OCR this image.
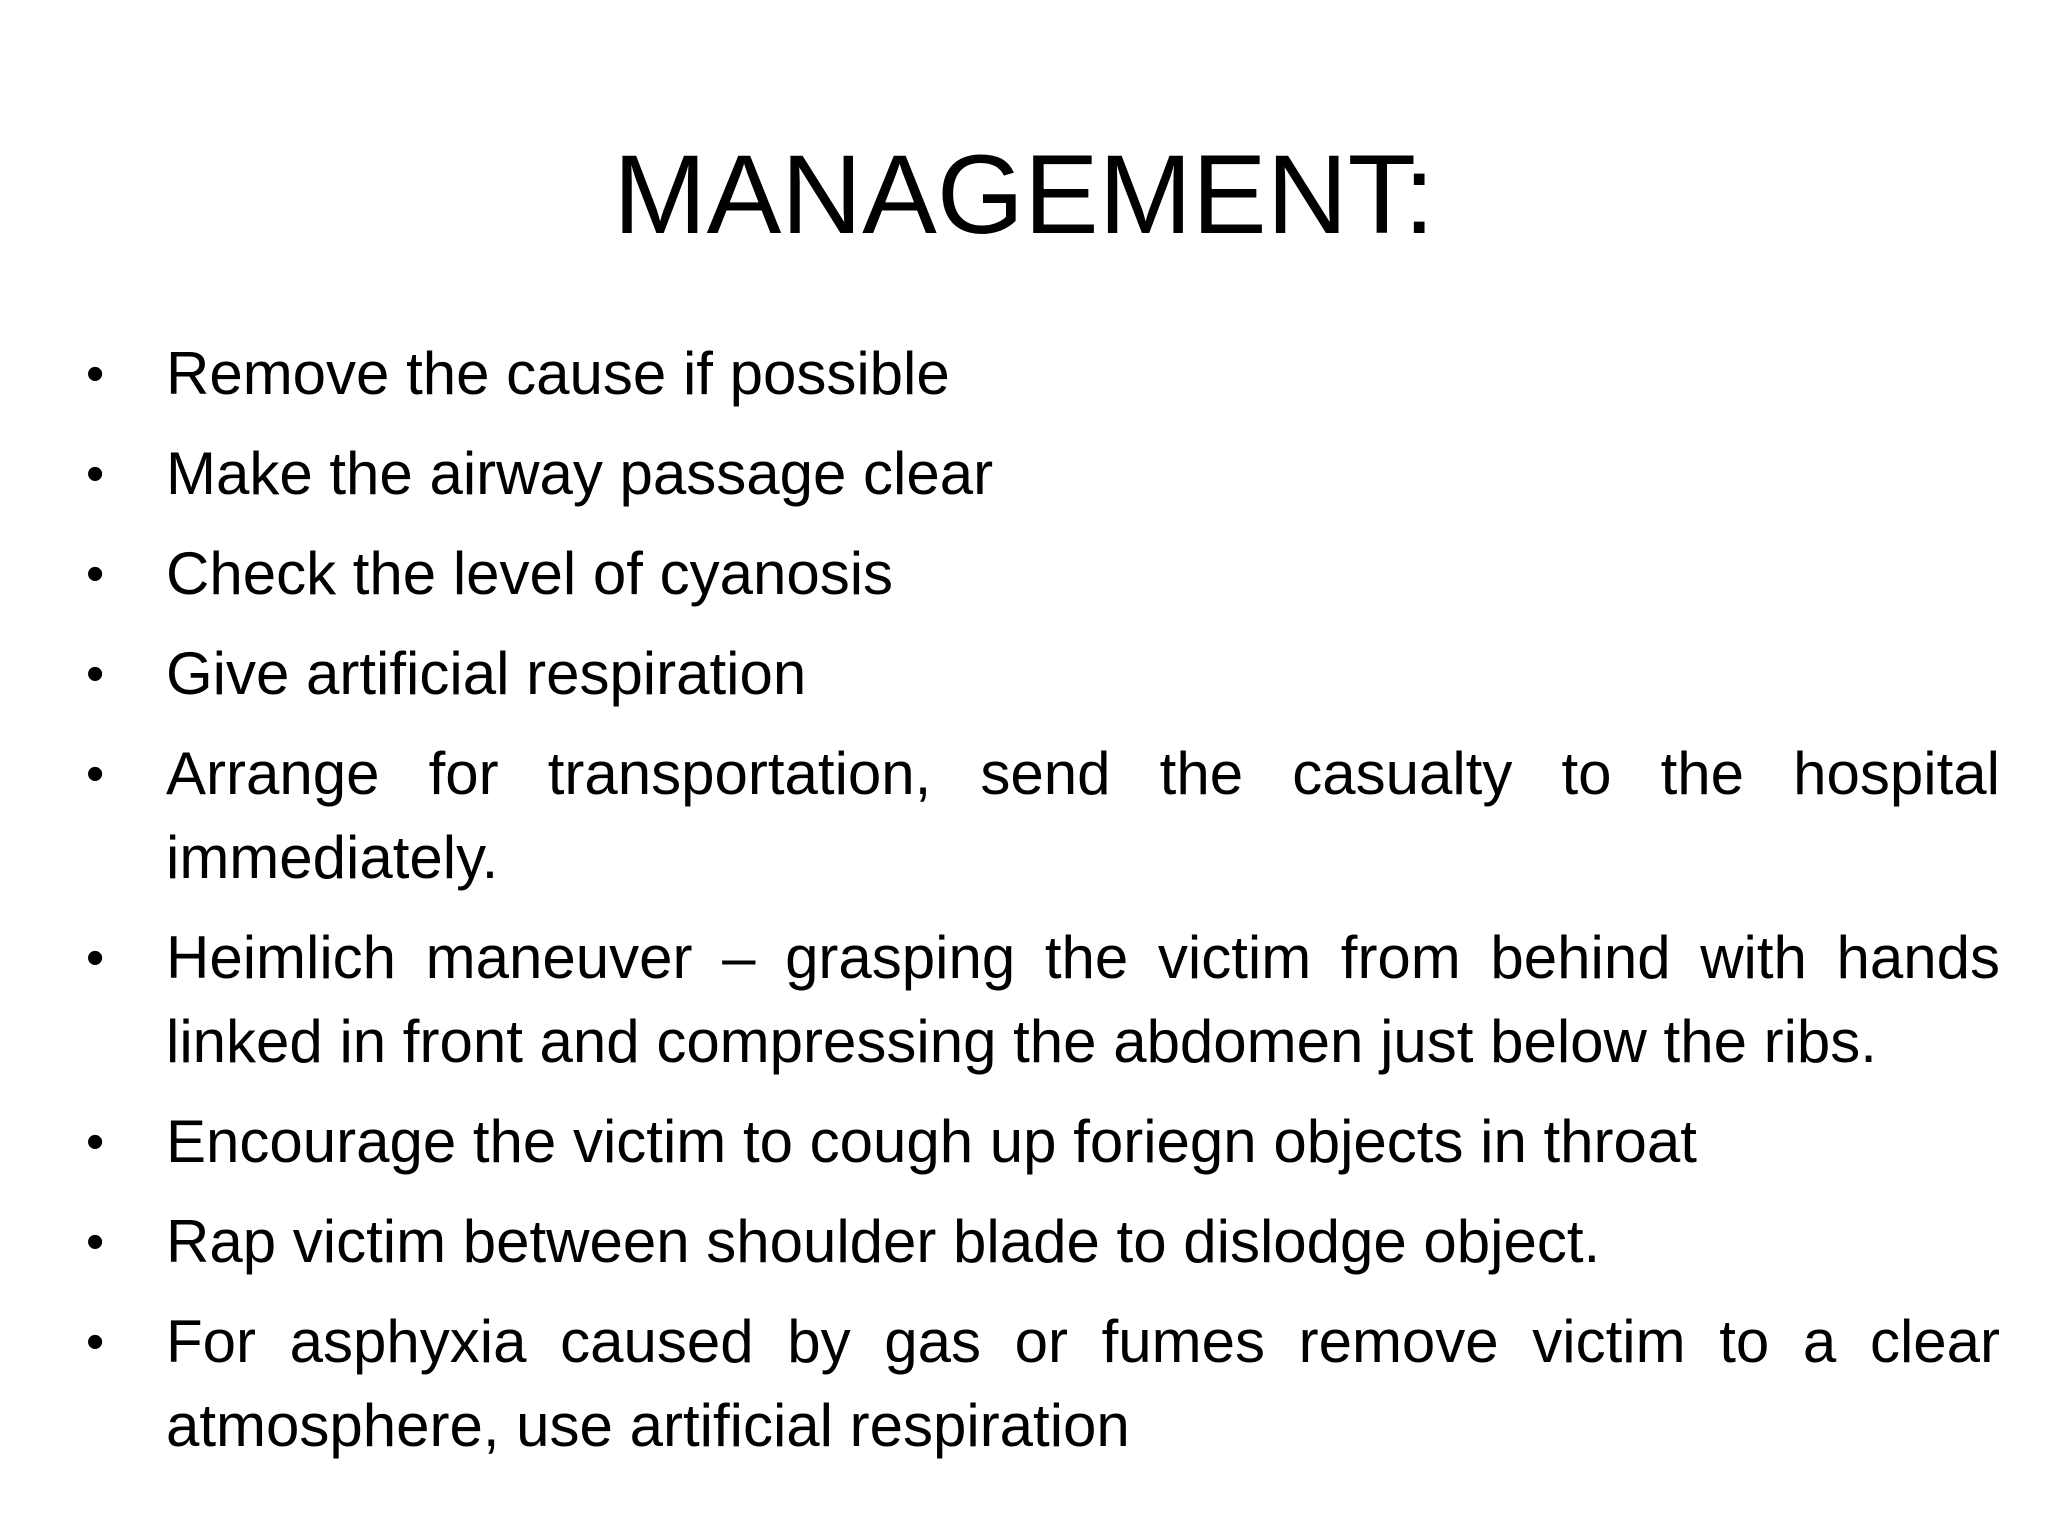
MANAGEMENT:
•	Remove the cause if possible
•	Make the airway passage clear
•	Check the level of cyanosis
•	Give artificial respiration
•	Arrange for transportation, send the casualty to the hospital immediately.
•	Heimlich maneuver – grasping the victim from behind with hands linked in front and compressing the abdomen just below the ribs.
•	Encourage the victim to cough up foriegn objects in throat
•	Rap victim between shoulder blade to dislodge object.
•	For asphyxia caused by gas or fumes remove victim to a clear atmosphere, use artificial respiration
